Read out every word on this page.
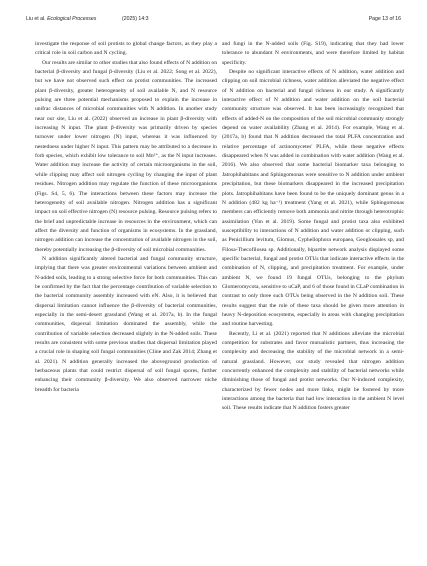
Liu et al. Ecological Processes	(2025) 14:3	Page 13 of 16

investigate the response of soil protists to global change factors, as they play a critical role in soil carbon and N cycling.

Our results are similar to other studies that also found effects of N addition on bacterial β-diversity and fungal β-diversity (Liu et al. 2022; Song et al. 2022), but we have not observed such effect on protist communities. The increased plant β-diversity, greater heterogeneity of soil available N, and N resource pulsing are three potential mechanisms proposed to explain the increase in unifrac distances of microbial communities with N addition. In another study near our site, Liu et al. (2022) observed an increase in plant β-diversity with increasing N input. The plant β-diversity was primarily driven by species turnover under lower nitrogen (N) input, whereas it was influenced by nestedness under higher N input. This pattern may be attributed to a decrease in forb species, which exhibit low tolerance to soil Mn²⁺, as the N input increases. Water addition may increase the activity of certain microorganisms in the soil, while clipping may affect soil nitrogen cycling by changing the input of plant residues. Nitrogen addition may regulate the function of these microorganisms (Figs. S4, 5, 6). The interactions between these factors may increase the heterogeneity of soil available nitrogen. Nitrogen addition has a significant impact on soil effective nitrogen (N) resource pulsing. Resource pulsing refers to the brief and unpredictable increase in resources in the environment, which can affect the diversity and function of organisms in ecosystems. In the grassland, nitrogen addition can increase the concentration of available nitrogen in the soil, thereby potentially increasing the β-diversity of soil microbial communities.

N addition significantly altered bacterial and fungal community structure, implying that there was greater environmental variations between ambient and N-added soils, leading to a strong selective force for both communities. This can be confirmed by the fact that the percentage contribution of variable selection to the bacterial community assembly increased with eN. Also, it is believed that dispersal limitation cannot influence the β-diversity of bacterial communities, especially in the semi-desert grassland (Wang et al. 2017a, b). In the fungal communities, dispersal limitation dominated the assembly, while the contribution of variable selection decreased slightly in the N-added soils. These results are consistent with some previous studies that dispersal limitation played a crucial role in shaping soil fungal communities (Cline and Zak 2014; Zhang et al. 2021). N addition generally increased the aboveground production of herbaceous plants that could restrict dispersal of soil fungal spores, further enhancing their community β-diversity. We also observed narrower niche breadth for bacteria

and fungi in the N-added soils (Fig. S19), indicating that they had lower tolerance to abundant N environments, and were therefore limited by habitat specificity.

Despite no significant interactive effects of N addition, water addition and clipping on soil microbial richness, water addition alleviated the negative effect of N addition on bacterial and fungal richness in our study. A significantly interactive effect of N addition and water addition on the soil bacterial community structure was observed. It has been increasingly recognized that effects of added-N on the composition of the soil microbial community strongly depend on water availability (Zhang et al. 2014). For example, Wang et al. (2017a, b) found that N addition decreased the total PLFA concentration and relative percentage of actinomycetes' PLFA, while these negative effects disappeared when N was added in combination with water addition (Wang et al. 2016). We also observed that some bacterial biomarker taxa belonging to Jatrophihabitans and Sphingomonas were sensitive to N addition under ambient precipitation, but these biomarkers disappeared in the increased precipitation plots. Jatrophihabitans have been found to be the uniquely dominant genus in a N addition (482 kg ha⁻¹) treatment (Yang et al. 2021), while Sphingomonas members can efficiently remove both ammonia and nitrite through heterotrophic assimilation (Yun et al. 2019). Some fungal and protist taxa also exhibited susceptibility to interactions of N addition and water addition or clipping, such as Penicillium levitum, Glomus, Cyphellophora europaea, Geoglossales sp, and Filosa-Thecofilosea sp. Additionally, bipartite network analysis displayed some specific bacterial, fungal and protist OTUs that indicate interactive effects in the combination of N, clipping, and precipitation treatment. For example, under ambient N, we found 19 fungal OTUs, belonging to the phylum Glomeromycota, sensitive to uCaP, and 6 of those found in CLaP combination in contrast to only three such OTUs being observed in the N addition soil. These results suggest that the role of these taxa should be given more attention in heavy N-deposition ecosystems, especially in areas with changing precipitation and routine harvesting.

Recently, Li et al. (2021) reported that N additions alleviate the microbial competition for substrates and favor mutualistic partners, thus increasing the complexity and decreasing the stability of the microbial network in a semi-natural grassland. However, our study revealed that nitrogen addition concurrently enhanced the complexity and stability of bacterial networks while diminishing those of fungal and protist networks. Our N-induced complexity, characterized by fewer nodes and more links, might be fostered by more interactions among the bacteria that had low interaction in the ambient N level soil. These results indicate that N addition fosters greater
